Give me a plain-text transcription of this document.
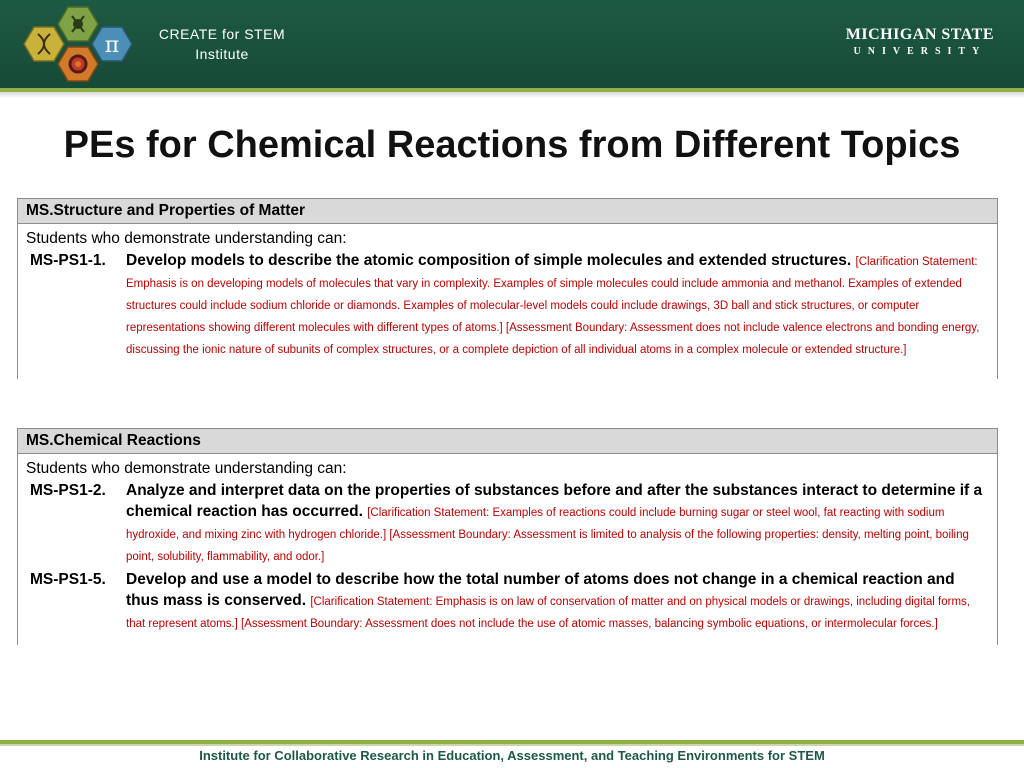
π	CREATE for STEM
Institute
MICHIGAN STATE
UNIVERSITY
PEs for Chemical Reactions from Different Topics
MS.Structure and Properties of Matter
Students who demonstrate understanding can:
MS-PS1-1.	Develop models to describe the atomic composition of simple molecules and extended structures. [Clarification Statement: Emphasis is on developing models of molecules that vary in complexity. Examples of simple molecules could include ammonia and methanol. Examples of extended structures could include sodium chloride or diamonds. Examples of molecular-level models could include drawings, 3D ball and stick structures, or computer representations showing different molecules with different types of atoms.] [Assessment Boundary: Assessment does not include valence electrons and bonding energy, discussing the ionic nature of subunits of complex structures, or a complete depiction of all individual atoms in a complex molecule or extended structure.]
MS.Chemical Reactions
Students who demonstrate understanding can:
MS-PS1-2.	Analyze and interpret data on the properties of substances before and after the substances interact to determine if a chemical reaction has occurred. [Clarification Statement: Examples of reactions could include burning sugar or steel wool, fat reacting with sodium hydroxide, and mixing zinc with hydrogen chloride.] [Assessment Boundary: Assessment is limited to analysis of the following properties: density, melting point, boiling point, solubility, flammability, and odor.]
MS-PS1-5.	Develop and use a model to describe how the total number of atoms does not change in a chemical reaction and thus mass is conserved. [Clarification Statement: Emphasis is on law of conservation of matter and on physical models or drawings, including digital forms, that represent atoms.] [Assessment Boundary: Assessment does not include the use of atomic masses, balancing symbolic equations, or intermolecular forces.]
Institute for Collaborative Research in Education, Assessment, and Teaching Environments for STEM
